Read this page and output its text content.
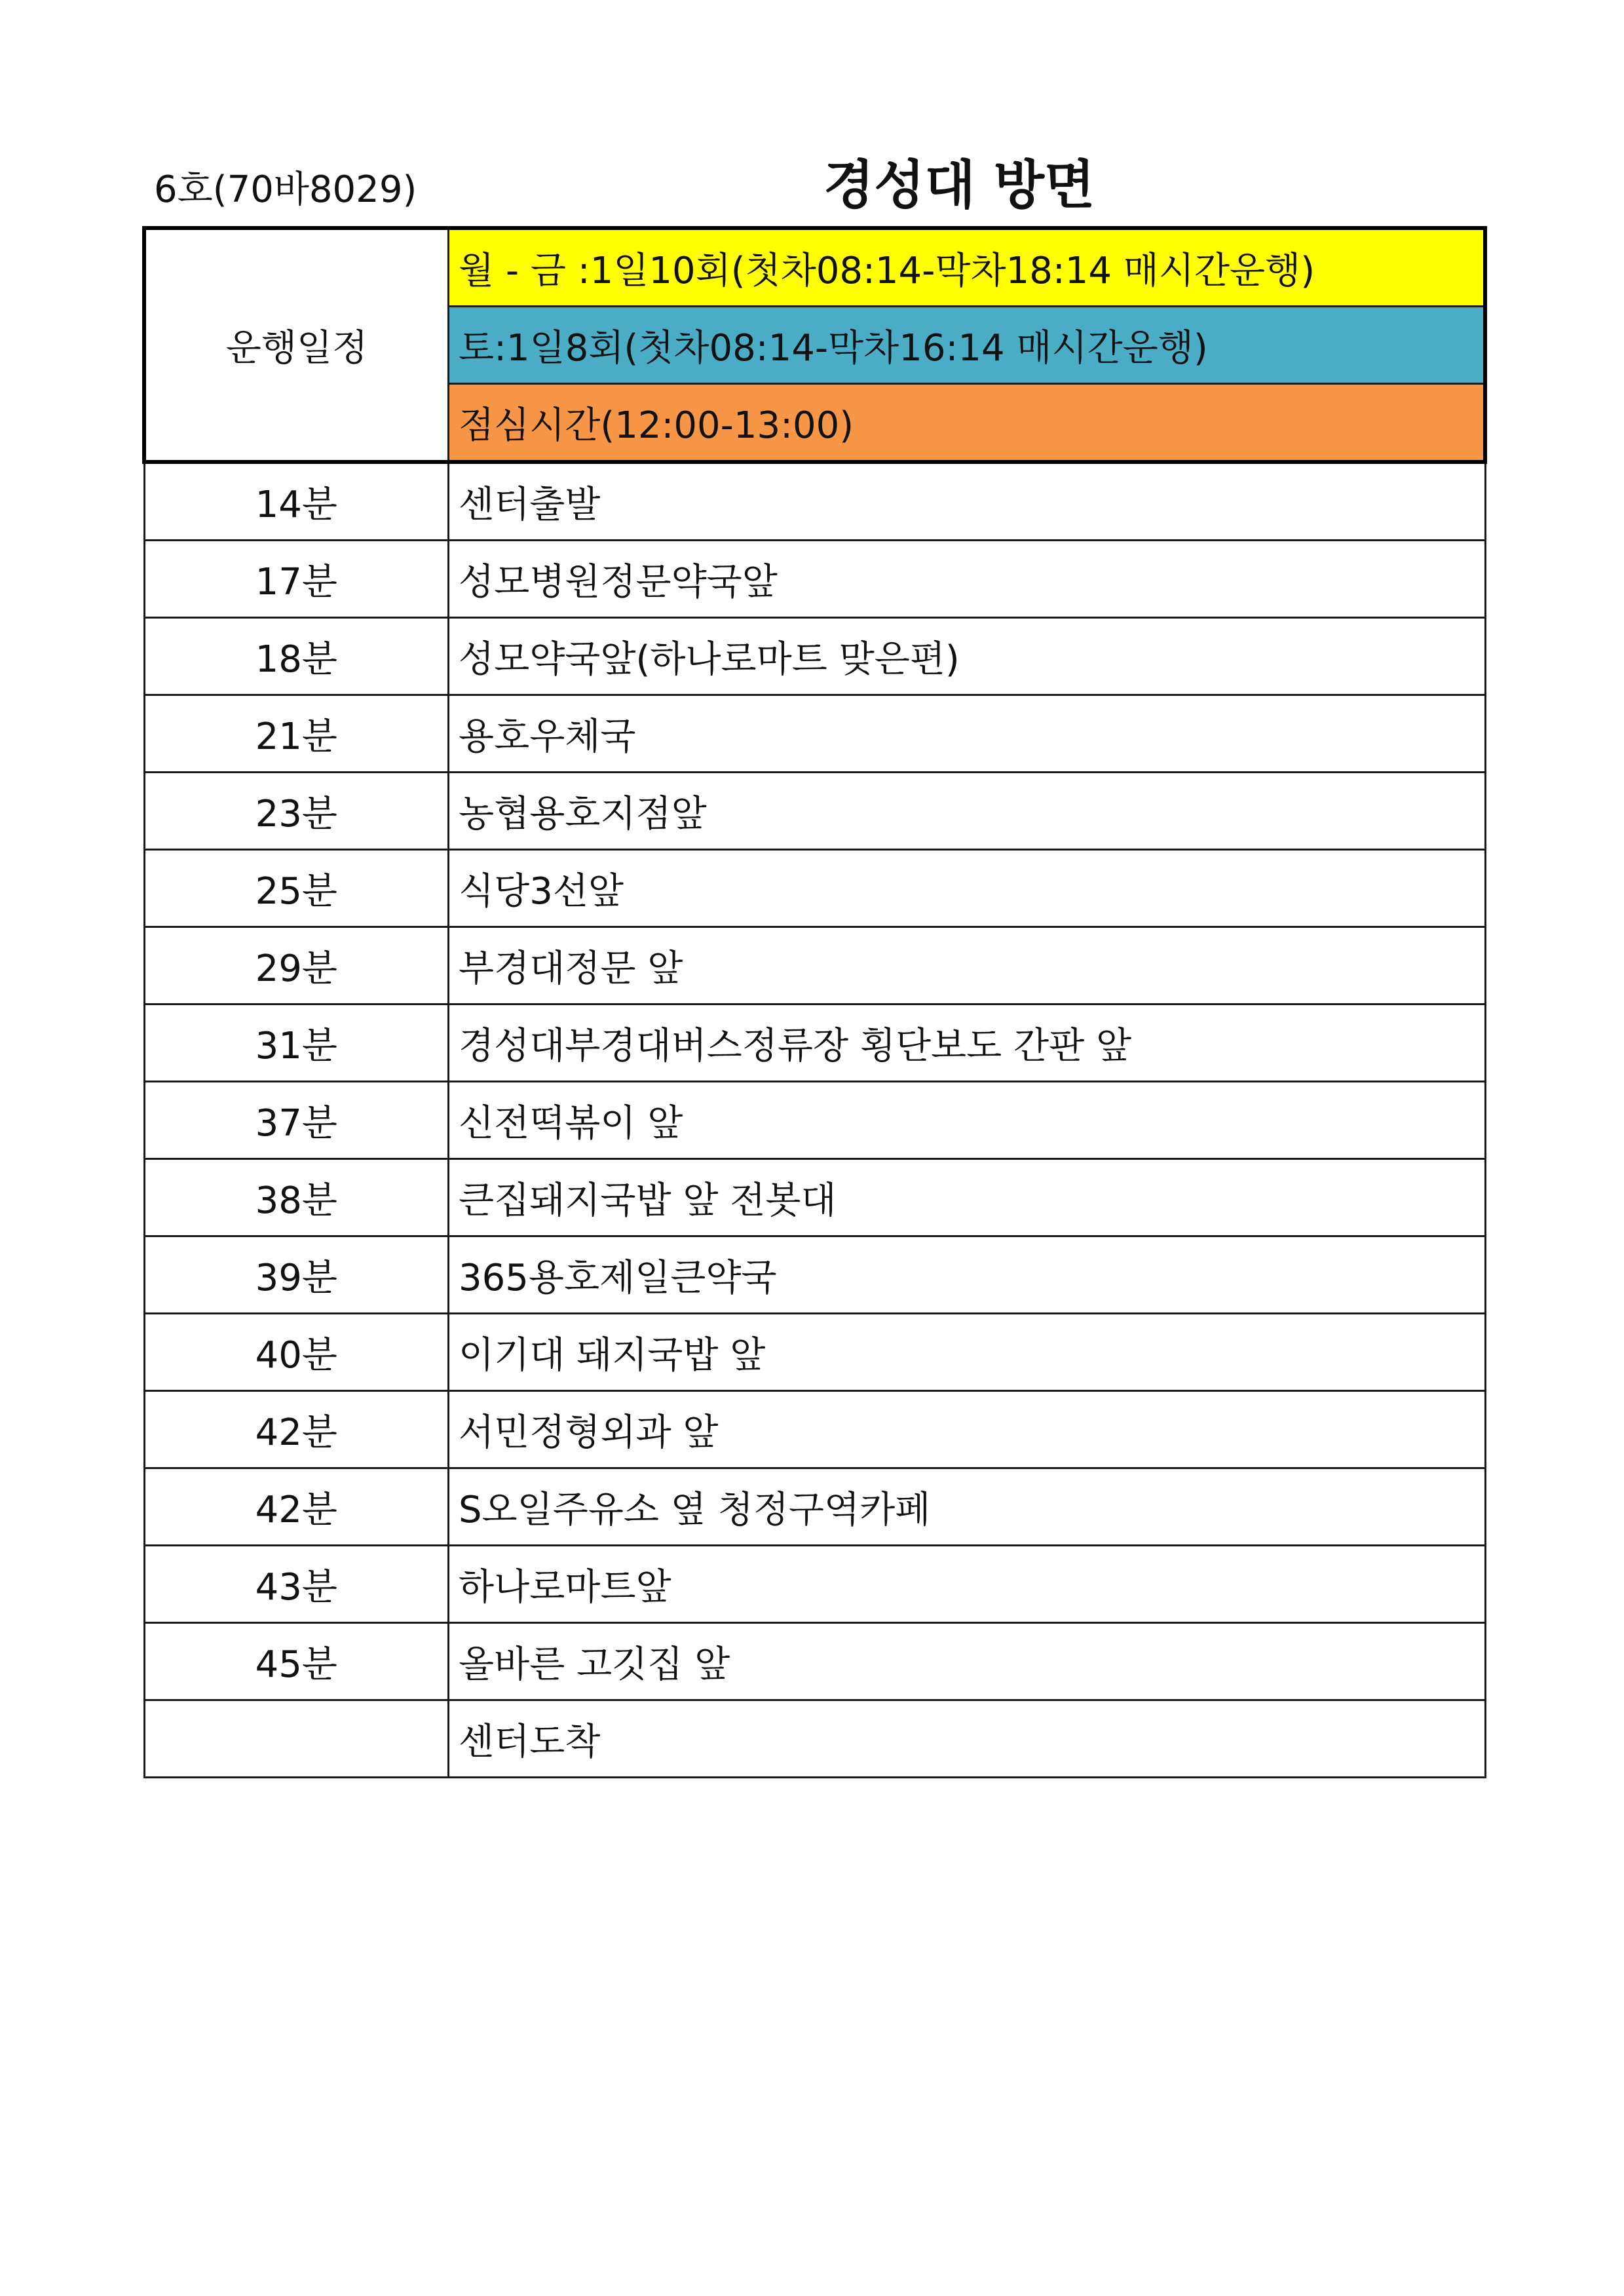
6호(70바8029)	경성대 방면
운행일정	월 - 금 :1일10회(첫차08:14-막차18:14 매시간운행)
	토:1일8회(첫차08:14-막차16:14 매시간운행)
	점심시간(12:00-13:00)
14분	센터출발
17분	성모병원정문약국앞
18분	성모약국앞(하나로마트 맞은편)
21분	용호우체국
23분	농협용호지점앞
25분	식당3선앞
29분	부경대정문 앞
31분	경성대부경대버스정류장 횡단보도 간판 앞
37분	신전떡볶이 앞
38분	큰집돼지국밥 앞 전봇대
39분	365용호제일큰약국
40분	이기대 돼지국밥 앞
42분	서민정형외과 앞
42분	S오일주유소 옆 청정구역카페
43분	하나로마트앞
45분	올바른 고깃집 앞
	센터도착
